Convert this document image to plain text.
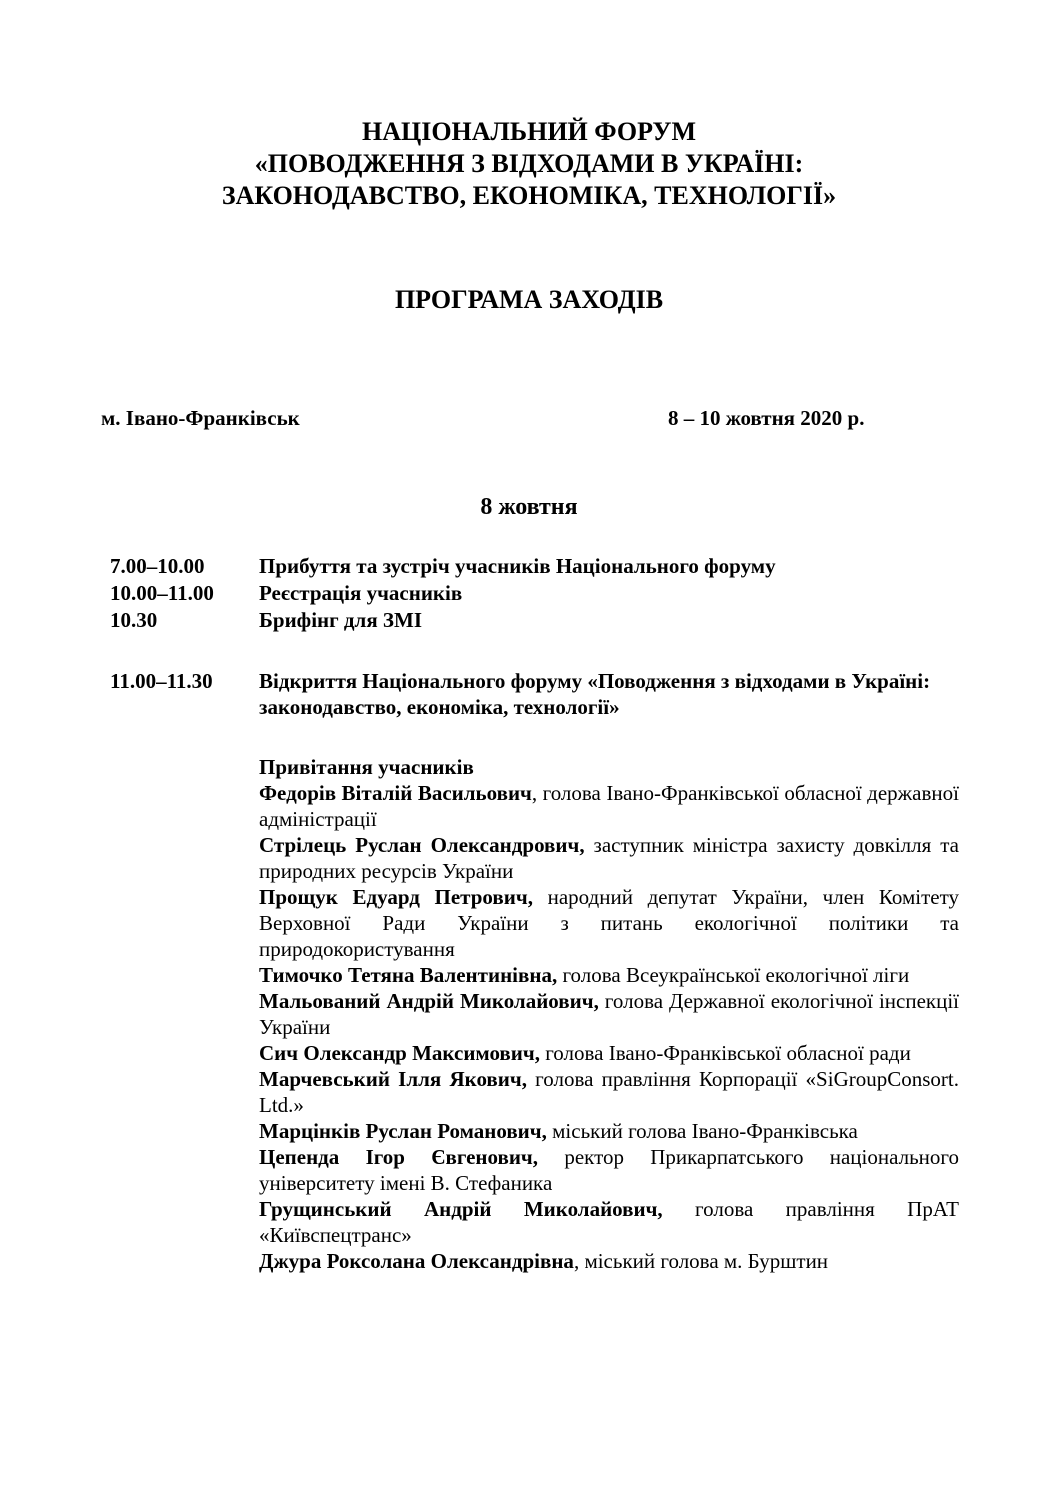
НАЦІОНАЛЬНИЙ ФОРУМ
«ПОВОДЖЕННЯ З ВІДХОДАМИ В УКРАЇНІ:
ЗАКОНОДАВСТВО, ЕКОНОМІКА, ТЕХНОЛОГІЇ»
ПРОГРАМА ЗАХОДІВ
м. Івано-Франківськ	8 – 10 жовтня 2020 р.
8 жовтня
7.00–10.00	Прибуття та зустріч учасників Національного форуму
10.00–11.00 Реєстрація учасників
10.30	Брифінг для ЗМІ
11.00–11.30 Відкриття Національного форуму «Поводження з відходами в Україні: законодавство, економіка, технології»
Привітання учасників
Федорів Віталій Васильович, голова Івано-Франківської обласної державної адміністрації
Стрілець Руслан Олександрович, заступник міністра захисту довкілля та природних ресурсів України
Прощук Едуард Петрович, народний депутат України, член Комітету Верховної Ради України з питань екологічної політики та природокористування
Тимочко Тетяна Валентинівна, голова Всеукраїнської екологічної ліги
Мальований Андрій Миколайович, голова Державної екологічної інспекції України
Сич Олександр Максимович, голова Івано-Франківської обласної ради
Марчевський Ілля Якович, голова правління Корпорації «SiGroupConsort. Ltd.»
Марцінків Руслан Романович, міський голова Івано-Франківська
Цепенда Ігор Євгенович, ректор Прикарпатського національного університету імені В. Стефаника
Грущинський Андрій Миколайович, голова правління ПрАТ «Київспецтранс»
Джура Роксолана Олександрівна, міський голова м. Бурштин
